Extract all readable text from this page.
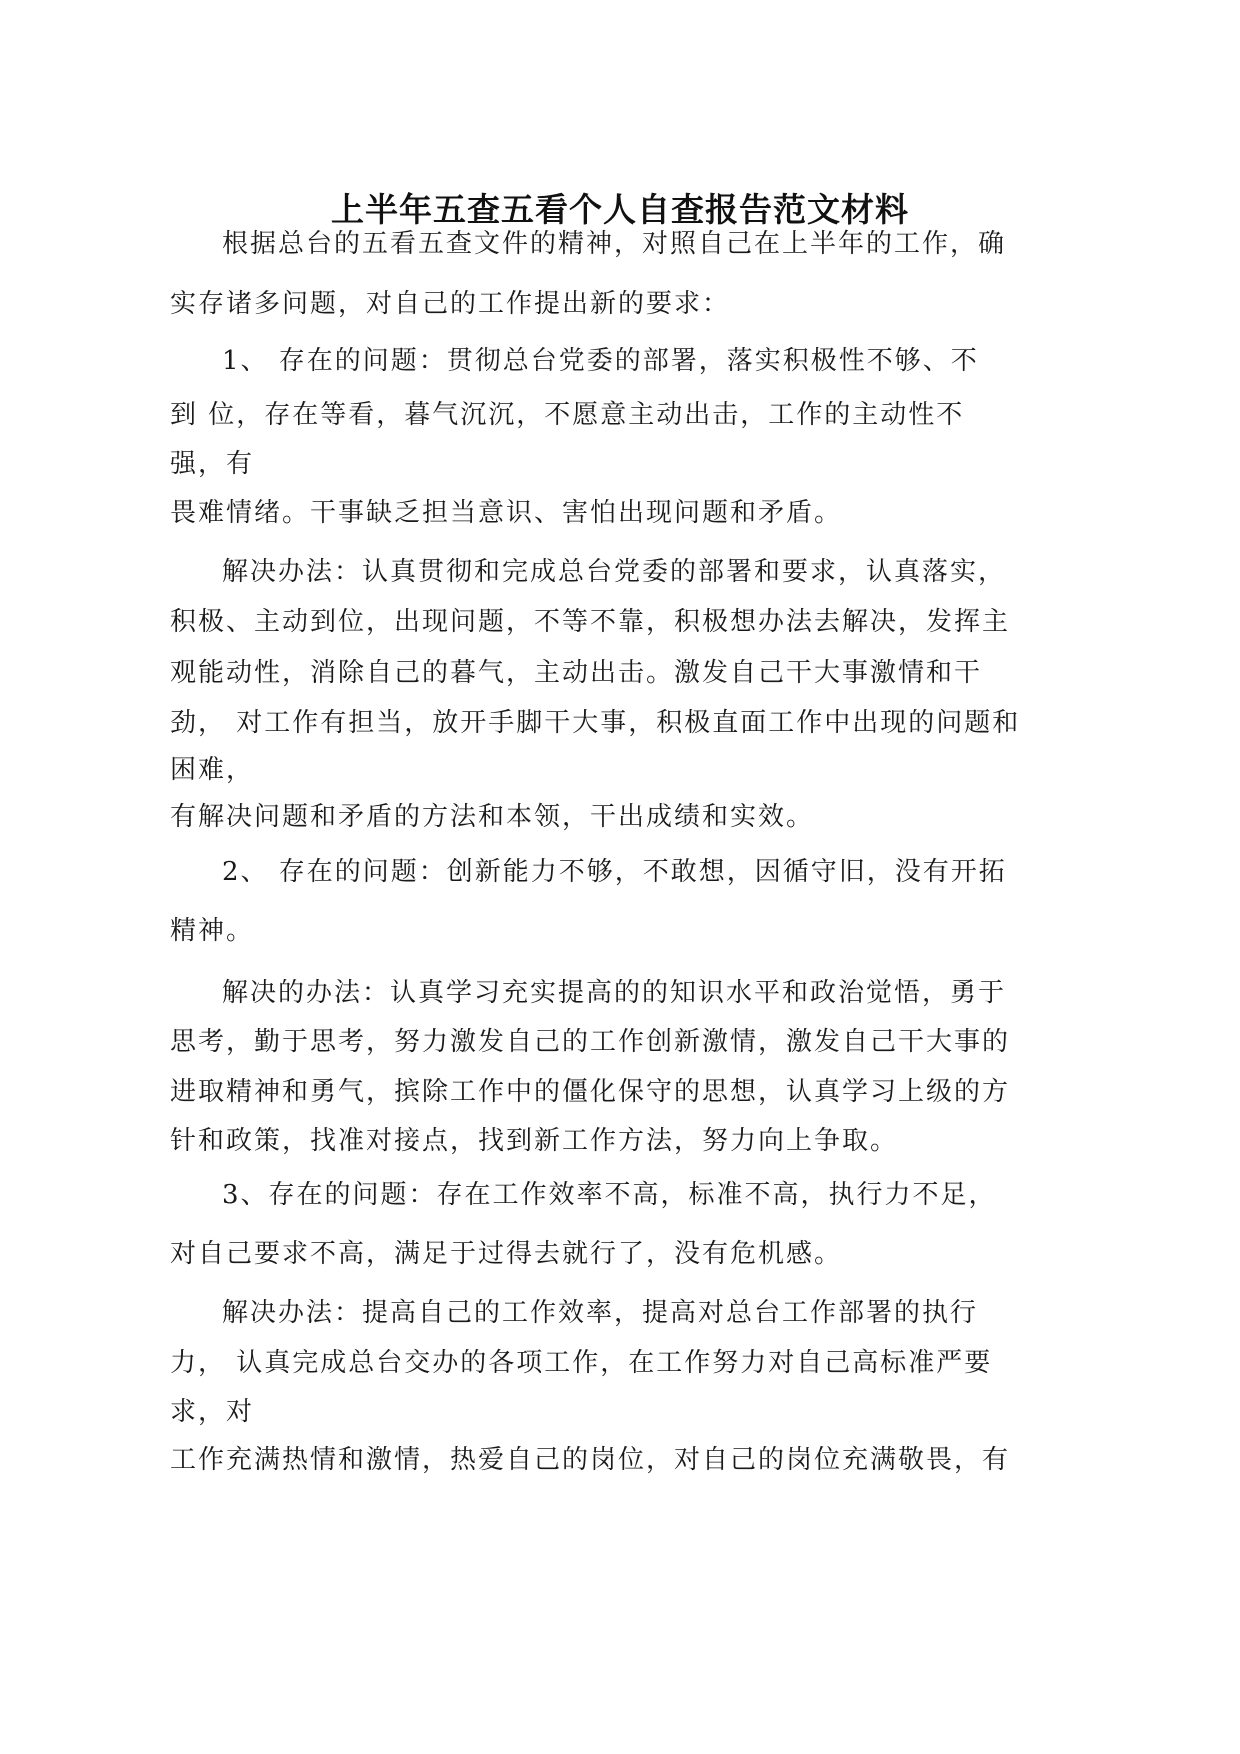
上半年五查五看个人自查报告范文材料
根据总台的五看五查文件的精神，对照自己在上半年的工作，确
实存诸多问题，对自己的工作提出新的要求：
1、 存在的问题：贯彻总台党委的部署，落实积极性不够、不
到 位，存在等看，暮气沉沉，不愿意主动出击，工作的主动性不
强，有
畏难情绪。干事缺乏担当意识、害怕出现问题和矛盾。
解决办法：认真贯彻和完成总台党委的部署和要求，认真落实，
积极、主动到位，出现问题，不等不靠，积极想办法去解决，发挥主
观能动性，消除自己的暮气，主动出击。激发自己干大事激情和干
劲， 对工作有担当，放开手脚干大事，积极直面工作中出现的问题和
困难，
有解决问题和矛盾的方法和本领，干出成绩和实效。
2、 存在的问题：创新能力不够，不敢想，因循守旧，没有开拓
精神。
解决的办法：认真学习充实提高的的知识水平和政治觉悟，勇于
思考，勤于思考，努力激发自己的工作创新激情，激发自己干大事的
进取精神和勇气，摈除工作中的僵化保守的思想，认真学习上级的方
针和政策，找准对接点，找到新工作方法，努力向上争取。
3、存在的问题：存在工作效率不高，标准不高，执行力不足，
对自己要求不高，满足于过得去就行了，没有危机感。
解决办法：提高自己的工作效率，提高对总台工作部署的执行
力， 认真完成总台交办的各项工作，在工作努力对自己高标准严要
求，对
工作充满热情和激情，热爱自己的岗位，对自己的岗位充满敬畏，有
